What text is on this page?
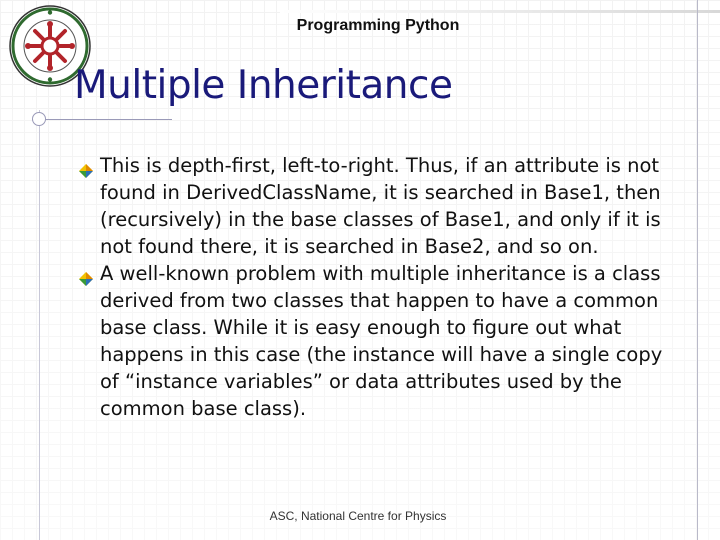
Programming Python
Multiple Inheritance
This is depth-first, left-to-right. Thus, if an attribute is not found in DerivedClassName, it is searched in Base1, then (recursively) in the base classes of Base1, and only if it is not found there, it is searched in Base2, and so on.
A well-known problem with multiple inheritance is a class derived from two classes that happen to have a common base class. While it is easy enough to figure out what happens in this case (the instance will have a single copy of “instance variables” or data attributes used by the common base class).
ASC, National Centre for Physics
